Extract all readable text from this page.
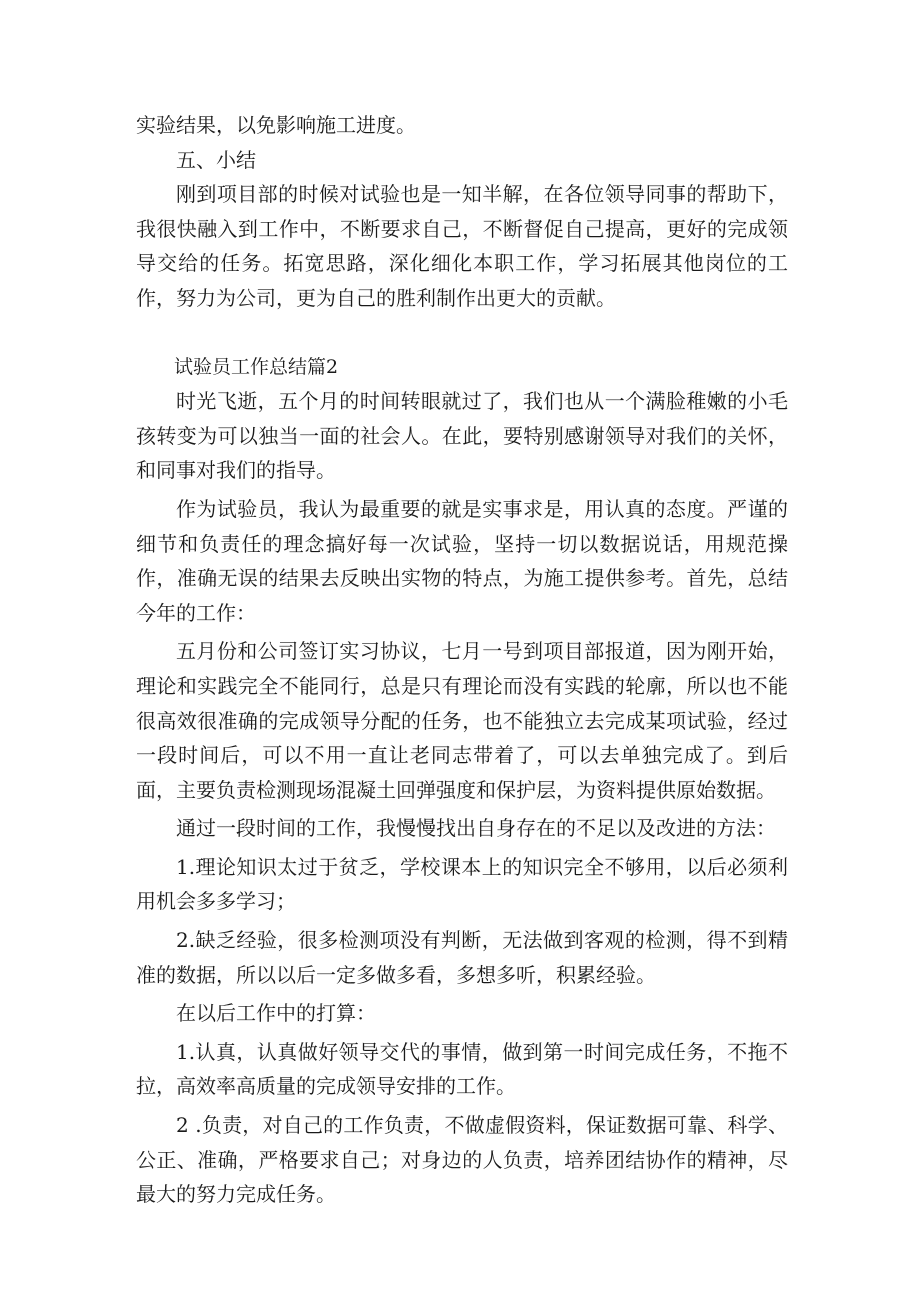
实验结果，以免影响施工进度。

五、小结

刚到项目部的时候对试验也是一知半解，在各位领导同事的帮助下，我很快融入到工作中，不断要求自己，不断督促自己提高，更好的完成领导交给的任务。拓宽思路，深化细化本职工作，学习拓展其他岗位的工作，努力为公司，更为自己的胜利制作出更大的贡献。

试验员工作总结篇2

时光飞逝，五个月的时间转眼就过了，我们也从一个满脸稚嫩的小毛孩转变为可以独当一面的社会人。在此，要特别感谢领导对我们的关怀，和同事对我们的指导。

作为试验员，我认为最重要的就是实事求是，用认真的态度。严谨的细节和负责任的理念搞好每一次试验，坚持一切以数据说话，用规范操作，准确无误的结果去反映出实物的特点，为施工提供参考。首先，总结今年的工作：

五月份和公司签订实习协议，七月一号到项目部报道，因为刚开始，理论和实践完全不能同行，总是只有理论而没有实践的轮廓，所以也不能很高效很准确的完成领导分配的任务，也不能独立去完成某项试验，经过一段时间后，可以不用一直让老同志带着了，可以去单独完成了。到后面，主要负责检测现场混凝土回弹强度和保护层，为资料提供原始数据。

通过一段时间的工作，我慢慢找出自身存在的不足以及改进的方法：

1.理论知识太过于贫乏，学校课本上的知识完全不够用，以后必须利用机会多多学习；

2.缺乏经验，很多检测项没有判断，无法做到客观的检测，得不到精准的数据，所以以后一定多做多看，多想多听，积累经验。

在以后工作中的打算：

1.认真，认真做好领导交代的事情，做到第一时间完成任务，不拖不拉，高效率高质量的完成领导安排的工作。

2 .负责，对自己的工作负责，不做虚假资料，保证数据可靠、科学、公正、准确，严格要求自己；对身边的人负责，培养团结协作的精神，尽最大的努力完成任务。
